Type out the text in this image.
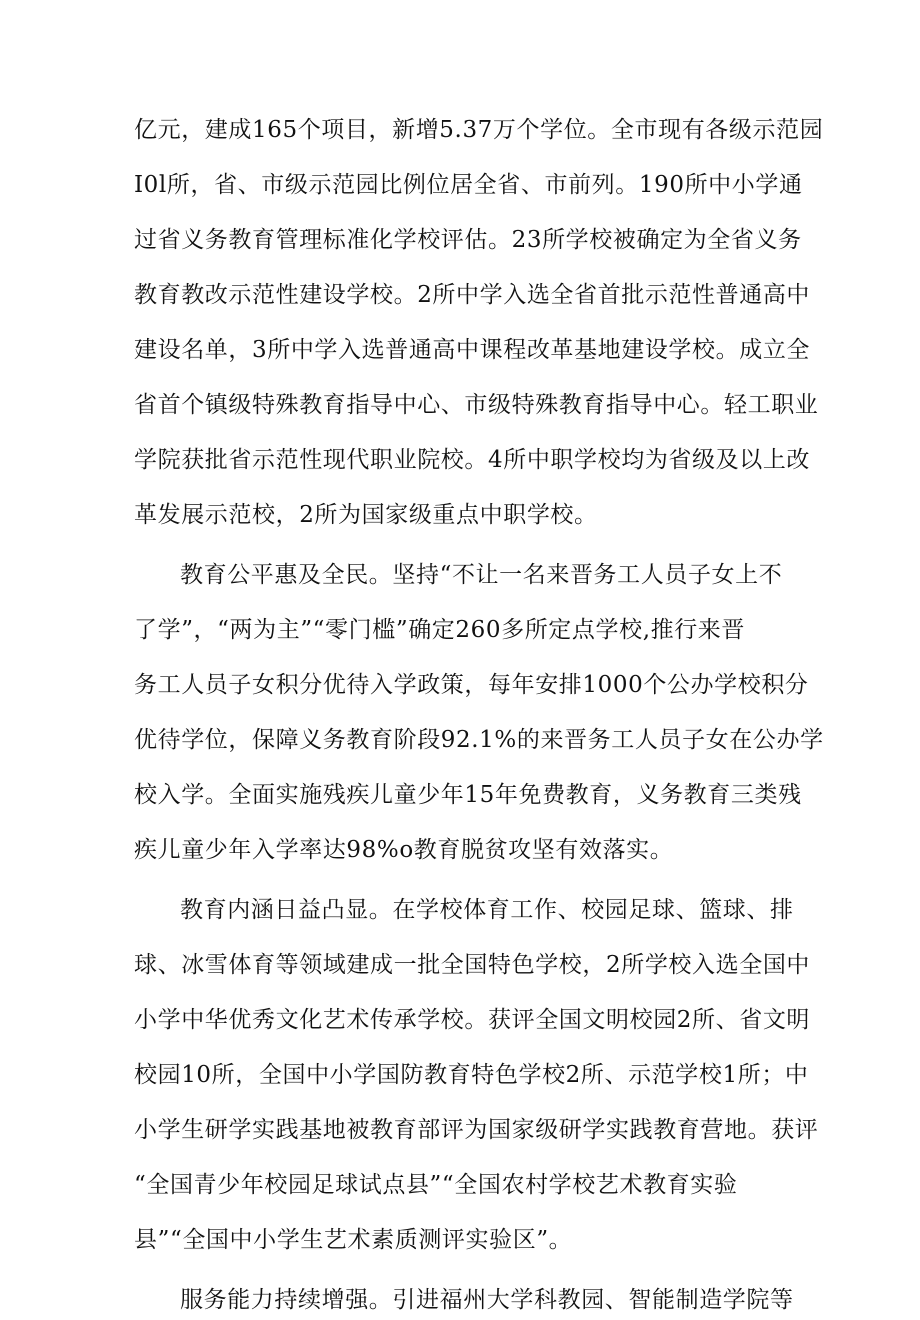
亿元，建成165个项目，新增5.37万个学位。全市现有各级示范园
I0l所，省、市级示范园比例位居全省、市前列。190所中小学通
过省义务教育管理标准化学校评估。23所学校被确定为全省义务
教育教改示范性建设学校。2所中学入选全省首批示范性普通高中
建设名单，3所中学入选普通高中课程改革基地建设学校。成立全
省首个镇级特殊教育指导中心、市级特殊教育指导中心。轻工职业
学院获批省示范性现代职业院校。4所中职学校均为省级及以上改
革发展示范校，2所为国家级重点中职学校。
教育公平惠及全民。坚持“不让一名来晋务工人员子女上不
了学”，“两为主”“零门槛”确定260多所定点学校,推行来晋
务工人员子女积分优待入学政策，每年安排1000个公办学校积分
优待学位，保障义务教育阶段92.1%的来晋务工人员子女在公办学
校入学。全面实施残疾儿童少年15年免费教育，义务教育三类残
疾儿童少年入学率达98%o教育脱贫攻坚有效落实。
教育内涵日益凸显。在学校体育工作、校园足球、篮球、排
球、冰雪体育等领域建成一批全国特色学校，2所学校入选全国中
小学中华优秀文化艺术传承学校。获评全国文明校园2所、省文明
校园10所，全国中小学国防教育特色学校2所、示范学校1所；中
小学生研学实践基地被教育部评为国家级研学实践教育营地。获评
“全国青少年校园足球试点县”“全国农村学校艺术教育实验
县”“全国中小学生艺术素质测评实验区”。
服务能力持续增强。引进福州大学科教园、智能制造学院等
